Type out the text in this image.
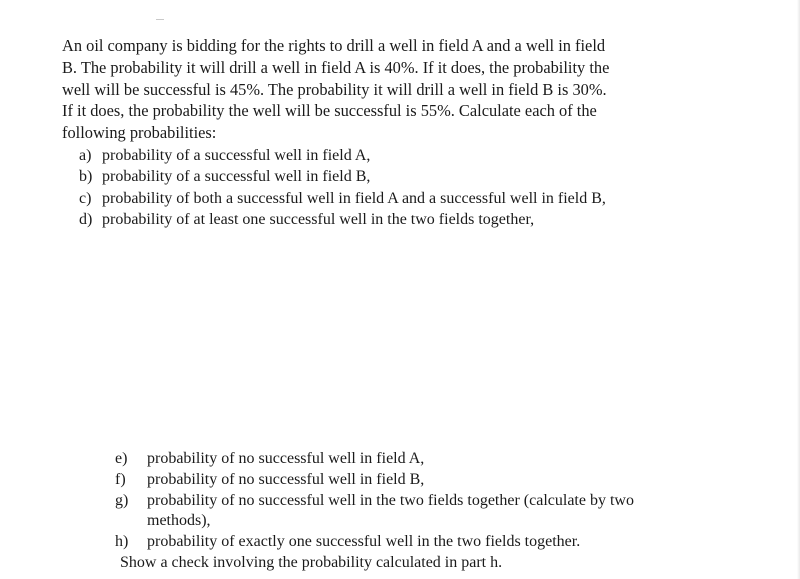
An oil company is bidding for the rights to drill a well in field A and a well in field
B. The probability it will drill a well in field A is 40%. If it does, the probability the
well will be successful is 45%. The probability it will drill a well in field B is 30%.
If it does, the probability the well will be successful is 55%. Calculate each of the
following probabilities:

a) probability of a successful well in field A,
b) probability of a successful well in field B,
c) probability of both a successful well in field A and a successful well in field B,
d) probability of at least one successful well in the two fields together,
e)	probability of no successful well in field A,
f)	probability of no successful well in field B,
g)	probability of no successful well in the two fields together (calculate by two
methods),
h)	probability of exactly one successful well in the two fields together.

Show a check involving the probability calculated in part h.
